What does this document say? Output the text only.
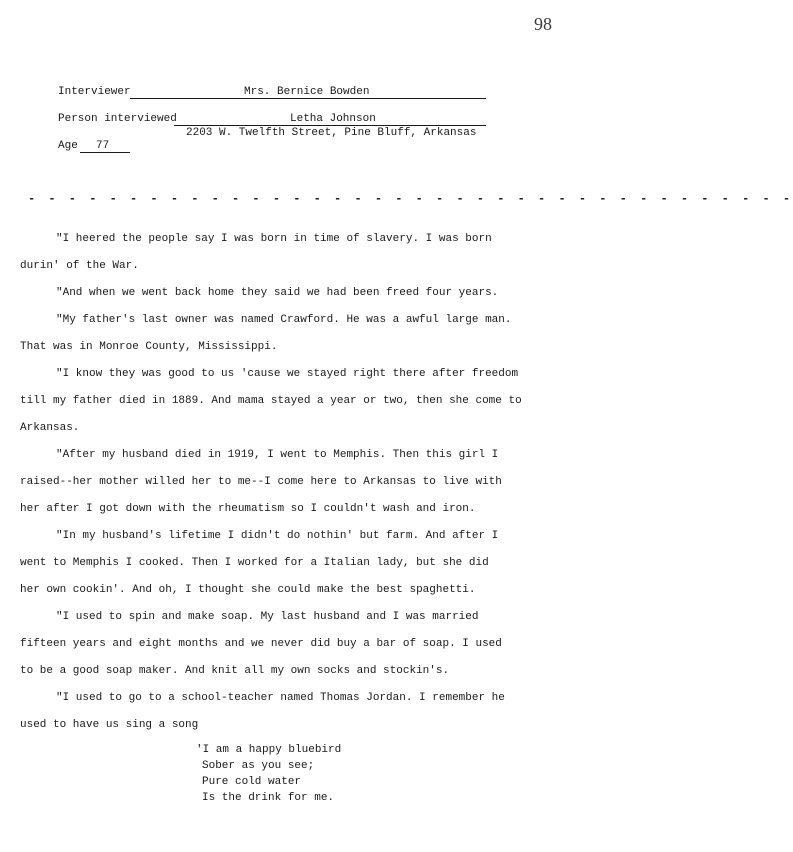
98
Interviewer	Mrs. Bernice Bowden
Person interviewed	Letha Johnson
2203 W. Twelfth Street, Pine Bluff, Arkansas
Age 77
- - - - - - - - - - - - - - - - - - - - - - - - - - - - - - - - - - - - - -
"I heered the people say I was born in time of slavery. I was born
durin' of the War.
"And when we went back home they said we had been freed four years.
"My father's last owner was named Crawford. He was a awful large man.
That was in Monroe County, Mississippi.
"I know they was good to us 'cause we stayed right there after freedom
till my father died in 1889. And mama stayed a year or two, then she come to
Arkansas.
"After my husband died in 1919, I went to Memphis. Then this girl I
raised--her mother willed her to me--I come here to Arkansas to live with
her after I got down with the rheumatism so I couldn't wash and iron.
"In my husband's lifetime I didn't do nothin' but farm. And after I
went to Memphis I cooked. Then I worked for a Italian lady, but she did
her own cookin'. And oh, I thought she could make the best spaghetti.
"I used to spin and make soap. My last husband and I was married
fifteen years and eight months and we never did buy a bar of soap. I used
to be a good soap maker. And knit all my own socks and stockin's.
"I used to go to a school-teacher named Thomas Jordan. I remember he
used to have us sing a song
'I am a happy bluebird
Sober as you see;
Pure cold water
Is the drink for me.
